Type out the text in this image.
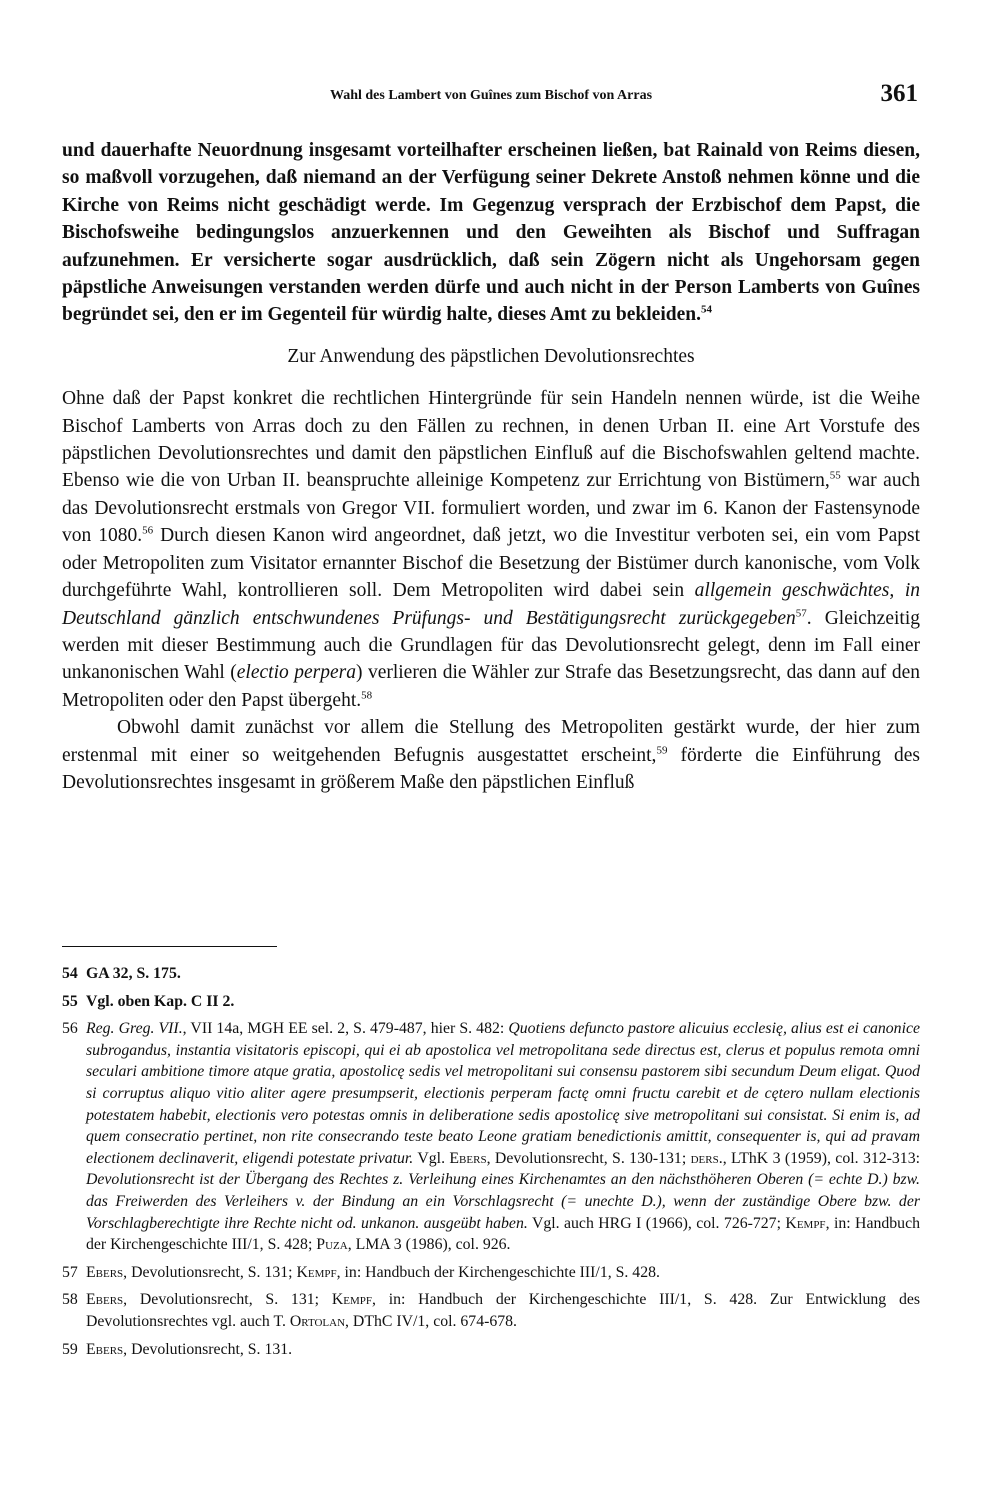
Wahl des Lambert von Guînes zum Bischof von Arras	361

und dauerhafte Neuordnung insgesamt vorteilhafter erscheinen ließen, bat Rainald von Reims diesen, so maßvoll vorzugehen, daß niemand an der Verfügung seiner Dekrete Anstoß nehmen könne und die Kirche von Reims nicht geschädigt werde. Im Gegenzug versprach der Erzbischof dem Papst, die Bischofsweihe bedingungslos anzuerkennen und den Geweihten als Bischof und Suffragan aufzunehmen. Er versicherte sogar ausdrücklich, daß sein Zögern nicht als Ungehorsam gegen päpstliche Anweisungen verstanden werden dürfe und auch nicht in der Person Lamberts von Guînes begründet sei, den er im Gegenteil für würdig halte, dieses Amt zu bekleiden.$^{54}$

Zur Anwendung des päpstlichen Devolutionsrechtes

Ohne daß der Papst konkret die rechtlichen Hintergründe für sein Handeln nennen würde, ist die Weihe Bischof Lamberts von Arras doch zu den Fällen zu rechnen, in denen Urban II. eine Art Vorstufe des päpstlichen Devolutionsrechtes und damit den päpstlichen Einfluß auf die Bischofswahlen geltend machte. Ebenso wie die von Urban II. beanspruchte alleinige Kompetenz zur Errichtung von Bistümern,$^{55}$ war auch das Devolutionsrecht erstmals von Gregor VII. formuliert worden, und zwar im 6. Kanon der Fastensynode von 1080.56 Durch diesen Kanon wird angeordnet, daß jetzt, wo die Investitur verboten sei, ein vom Papst oder Metropoliten zum Visitator ernannter Bischof die Besetzung der Bistümer durch kanonische, vom Volk durchgeführte Wahl, kontrollieren soll. Dem Metropoliten wird dabei sein allgemein geschwächtes, in Deutschland gänzlich entschwundenes Prüfungs- und Bestätigungsrecht zurückgegeben$^{57}$. Gleichzeitig werden mit dieser Bestimmung auch die Grundlagen für das Devolutionsrecht gelegt, denn im Fall einer unkanonischen Wahl (electio perpera) verlieren die Wähler zur Strafe das Besetzungsrecht, das dann auf den Metropoliten oder den Papst übergeht.$^{58}$

Obwohl damit zunächst vor allem die Stellung des Metropoliten gestärkt wurde, der hier zum erstenmal mit einer so weitgehenden Befugnis ausgestattet erscheint,$^{59}$ förderte die Einführung des Devolutionsrechtes insgesamt in größerem Maße den päpstlichen Einfluß

54 GA 32, S. 175.
55 Vgl. oben Kap. C II 2.
56 Reg. Greg. VII., VII 14a, MGH EE sel. 2, S. 479-487, hier S. 482: Quotiens defuncto pastore alicuius ecclesię, alius est ei canonice subrogandus, instantia visitatoris episcopi, qui ei ab apostolica vel metropolitana sede directus est, clerus et populus remota omni seculari ambitione timore atque gratia, apostolicę sedis vel metropolitani sui consensu pastorem sibi secundum Deum eligat. Quod si corruptus aliquo vitio aliter agere presumpserit, electionis perperam factę omni fructu carebit et de cętero nullam electionis potestatem habebit, electionis vero potestas omnis in deliberatione sedis apostolicę sive metropolitani sui consistat. Si enim is, ad quem consecratio pertinet, non rite consecrando teste beato Leone gratiam benedictionis amittit, consequenter is, qui ad pravam electionem declinaverit, eligendi potestate privatur. Vgl. Ebers, Devolutionsrecht, S. 130-131; ders., LThK 3 (1959), col. 312-313: Devolutionsrecht ist der Übergang des Rechtes z. Verleihung eines Kirchenamtes an den nächsthöheren Oberen (= echte D.) bzw. das Freiwerden des Verleihers v. der Bindung an ein Vorschlagsrecht (= unechte D.), wenn der zuständige Obere bzw. der Vorschlagberechtigte ihre Rechte nicht od. unkanon. ausgeübt haben. Vgl. auch HRG I (1966), col. 726-727; Kempf, in: Handbuch der Kirchengeschichte III/1, S. 428; Puza, LMA 3 (1986), col. 926.
57 Ebers, Devolutionsrecht, S. 131; Kempf, in: Handbuch der Kirchengeschichte III/1, S. 428.
58 Ebers, Devolutionsrecht, S. 131; Kempf, in: Handbuch der Kirchengeschichte III/1, S. 428. Zur Entwicklung des Devolutionsrechtes vgl. auch T. Ortolan, DThC IV/1, col. 674-678.
59 Ebers, Devolutionsrecht, S. 131.
